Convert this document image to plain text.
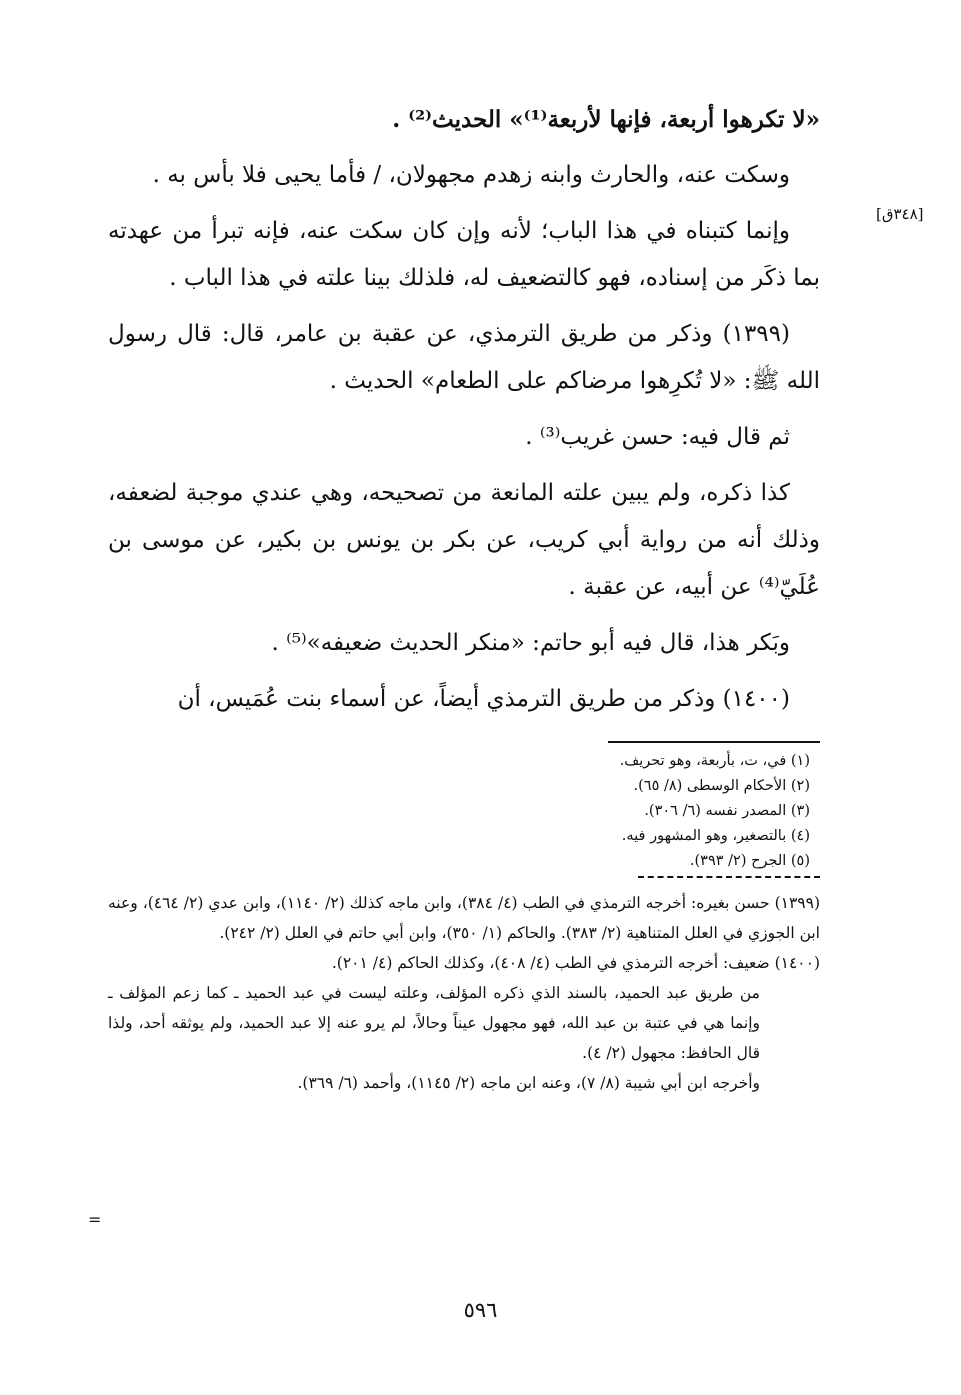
[٣٤٨ق]

«لا تكرهوا أربعة، فإنها لأربعة⁽¹⁾» الحديث⁽²⁾ .

وسكت عنه، والحارث وابنه زهدم مجهولان، / فأما يحيى فلا بأس به .

وإنما كتبناه في هذا الباب؛ لأنه وإن كان سكت عنه، فإنه تبرأ من عهدته بما ذكَر من إسناده، فهو كالتضعيف له، فلذلك بينا علته في هذا الباب .

(١٣٩٩) وذكر من طريق الترمذي، عن عقبة بن عامر، قال: قال رسول الله ﷺ: «لا تُكرِهوا مرضاكم على الطعام» الحديث .

ثم قال فيه: حسن غريب⁽³⁾ .

كذا ذكره، ولم يبين علته المانعة من تصحيحه، وهي عندي موجبة لضعفه، وذلك أنه من رواية أبي كريب، عن بكر بن يونس بن بكير، عن موسى بن عُلَيّ⁽⁴⁾ عن أبيه، عن عقبة .

وبَكر هذا، قال فيه أبو حاتم: «منكر الحديث ضعيفه»⁽⁵⁾ .

(١٤٠٠) وذكر من طريق الترمذي أيضاً، عن أسماء بنت عُمَيس، أن

(١) في، ت، بأربعة، وهو تحريف.
(٢) الأحكام الوسطى (٨/ ٦٥).
(٣) المصدر نفسه (٦/ ٣٠٦).
(٤) بالتصغير، وهو المشهور فيه.
(٥) الجرح (٢/ ٣٩٣).

(١٣٩٩) حسن بغيره: أخرجه الترمذي في الطب (٤/ ٣٨٤)، وابن ماجه كذلك (٢/ ١١٤٠)، وابن عدي (٢/ ٤٦٤)، وعنه ابن الجوزي في العلل المتناهية (٢/ ٣٨٣). والحاكم (١/ ٣٥٠)، وابن أبي حاتم في العلل (٢/ ٢٤٢).

(١٤٠٠) ضعيف: أخرجه الترمذي في الطب (٤/ ٤٠٨)، وكذلك الحاكم (٤/ ٢٠١).

من طريق عبد الحميد، بالسند الذي ذكره المؤلف، وعلته ليست في عبد الحميد ـ كما زعم المؤلف ـ وإنما هي في عتبة بن عبد الله، فهو مجهول عيناً وحالاً، لم يرو عنه إلا عبد الحميد، ولم يوثقه أحد، ولذا قال الحافظ: مجهول (٢/ ٤).

وأخرجه ابن أبي شيبة (٨/ ٧)، وعنه ابن ماجه (٢/ ١١٤٥)، وأحمد (٦/ ٣٦٩).

=
٥٩٦
